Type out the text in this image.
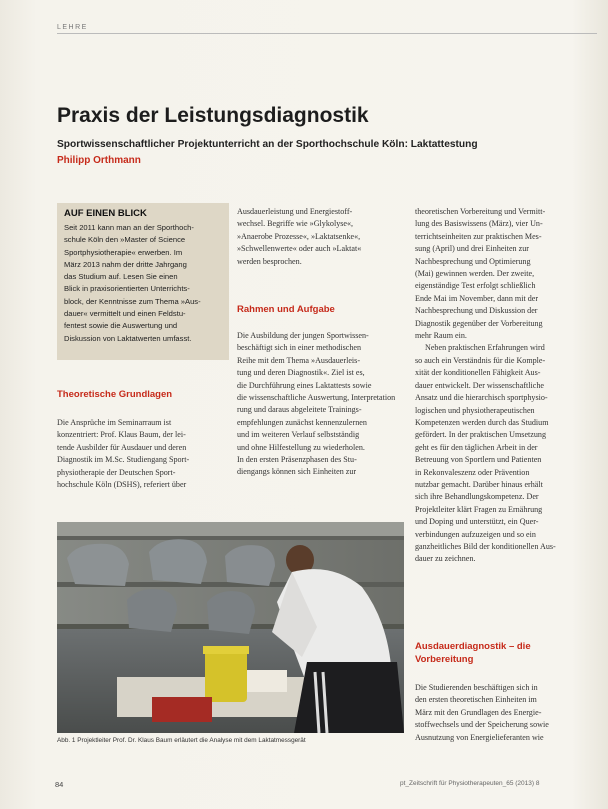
LEHRE
Praxis der Leistungsdiagnostik
Sportwissenschaftlicher Projektunterricht an der Sporthochschule Köln: Laktattestung
Philipp Orthmann
AUF EINEN BLICK
Seit 2011 kann man an der Sporthoch-
schule Köln den »Master of Science
Sportphysiotherapie« erwerben. Im
März 2013 nahm der dritte Jahrgang
das Studium auf. Lesen Sie einen
Blick in praxisorientierten Unterrichts-
block, der Kenntnisse zum Thema »Aus-
dauer« vermittelt und einen Feldstu-
fentest sowie die Auswertung und
Diskussion von Laktatwerten umfasst.
Theoretische Grundlagen
Die Ansprüche im Seminarraum ist
konzentriert: Prof. Klaus Baum, der lei-
tende Ausbilder für Ausdauer und deren
Diagnostik im M.Sc. Studiengang Sport-
physiotherapie der Deutschen Sport-
hochschule Köln (DSHS), referiert über
Ausdauerleistung und Energiestoff-
wechsel. Begriffe wie »Glykolyse«,
»Anaerobe Prozesse«, »Laktatsenke«,
»Schwellenwerte« oder auch »Laktat«
werden besprochen.
Rahmen und Aufgabe
Die Ausbildung der jungen Sportwissen-
beschäftigt sich in einer methodischen
Reihe mit dem Thema »Ausdauerleis-
tung und deren Diagnostik«. Ziel ist es,
die Durchführung eines Laktattests sowie
die wissenschaftliche Auswertung, Interpretation
rung und daraus abgeleitete Trainings-
empfehlungen zunächst kennenzulernen
und im weiteren Verlauf selbstständig
und ohne Hilfestellung zu wiederholen.
In den ersten Präsenzphasen des Stu-
diengangs können sich Einheiten zur
theoretischen Vorbereitung und Vermitt-
lung des Basiswissens (März), vier Un-
terrichtseinheiten zur praktischen Mes-
sung (April) und drei Einheiten zur
Nachbesprechung und Optimierung
(Mai) gewinnen werden. Der zweite,
eigenständige Test erfolgt schließlich
Ende Mai im November, dann mit der
Nachbesprechung und Diskussion der
Diagnostik gegenüber der Vorbereitung
mehr Raum ein.
Neben praktischen Erfahrungen wird
so auch ein Verständnis für die Komple-
xität der konditionellen Fähigkeit Aus-
dauer entwickelt. Der wissenschaftliche
Ansatz und die hierarchisch sportphysio-
logischen und physiotherapeutischen
Kompetenzen werden durch das Studium
gefördert. In der praktischen Umsetzung
geht es für den täglichen Arbeit in der
Betreuung von Sportlern und Patienten
in Rekonvaleszenz oder Prävention
nutzbar gemacht. Darüber hinaus erhält
sich ihre Behandlungskompetenz. Der
Projektleiter klärt Fragen zu Ernährung
und Doping und unterstützt, ein Quer-
verbindungen aufzuzeigen und so ein
ganzheitliches Bild der konditionellen Aus-
dauer zu zeichnen.
Ausdauerdiagnostik – die Vorbereitung
Die Studierenden beschäftigen sich in
den ersten theoretischen Einheiten im
März mit den Grundlagen des Energie-
stoffwechsels und der Speicherung sowie
Ausnutzung von Energielieferanten wie
Abb. 1 Projektleiter Prof. Dr. Klaus Baum erläutert die Analyse mit dem Laktatmessgerät
84	pt_Zeitschrift für Physiotherapeuten_65 (2013) 8
